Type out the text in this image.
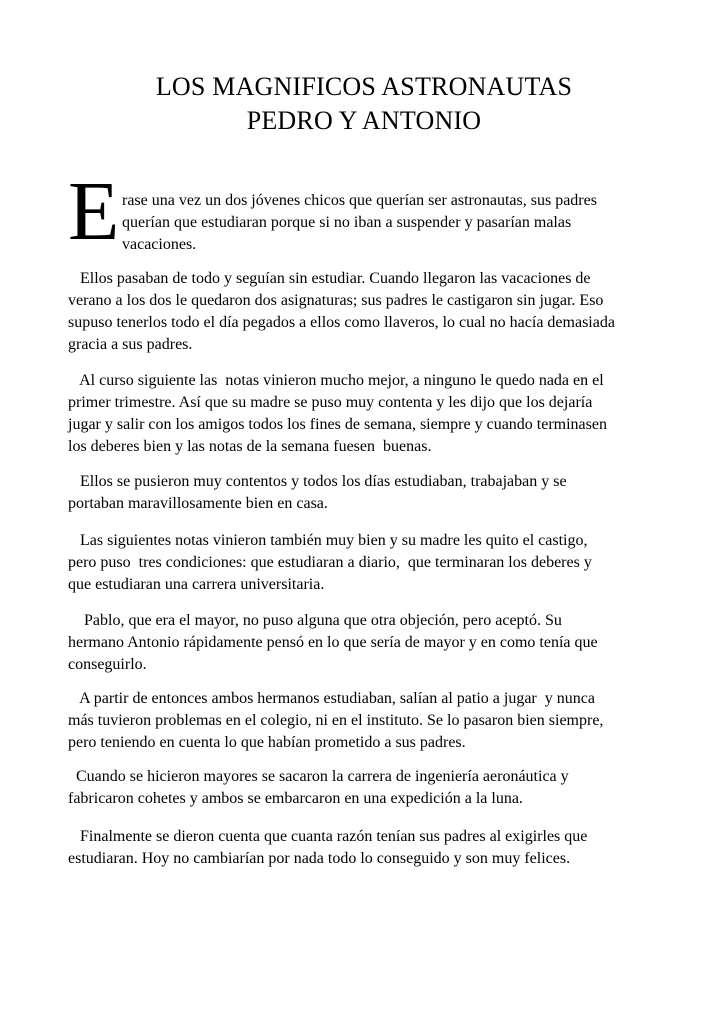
LOS MAGNIFICOS ASTRONAUTAS
PEDRO Y ANTONIO
E rase una vez un dos jóvenes chicos que querían ser astronautas, sus padres
querían que estudiaran porque si no iban a suspender y pasarían malas
vacaciones.
Ellos pasaban de todo y seguían sin estudiar. Cuando llegaron las vacaciones de
verano a los dos le quedaron dos asignaturas; sus padres le castigaron sin jugar. Eso
supuso tenerlos todo el día pegados a ellos como llaveros, lo cual no hacía demasiada
gracia a sus padres.
Al curso siguiente las  notas vinieron mucho mejor, a ninguno le quedo nada en el
primer trimestre. Así que su madre se puso muy contenta y les dijo que los dejaría
jugar y salir con los amigos todos los fines de semana, siempre y cuando terminasen
los deberes bien y las notas de la semana fuesen  buenas.
Ellos se pusieron muy contentos y todos los días estudiaban, trabajaban y se
portaban maravillosamente bien en casa.
Las siguientes notas vinieron también muy bien y su madre les quito el castigo,
pero puso  tres condiciones: que estudiaran a diario,  que terminaran los deberes y
que estudiaran una carrera universitaria.
Pablo, que era el mayor, no puso alguna que otra objeción, pero aceptó. Su
hermano Antonio rápidamente pensó en lo que sería de mayor y en como tenía que
conseguirlo.
A partir de entonces ambos hermanos estudiaban, salían al patio a jugar  y nunca
más tuvieron problemas en el colegio, ni en el instituto. Se lo pasaron bien siempre,
pero teniendo en cuenta lo que habían prometido a sus padres.
Cuando se hicieron mayores se sacaron la carrera de ingeniería aeronáutica y
fabricaron cohetes y ambos se embarcaron en una expedición a la luna.
Finalmente se dieron cuenta que cuanta razón tenían sus padres al exigirles que
estudiaran. Hoy no cambiarían por nada todo lo conseguido y son muy felices.
